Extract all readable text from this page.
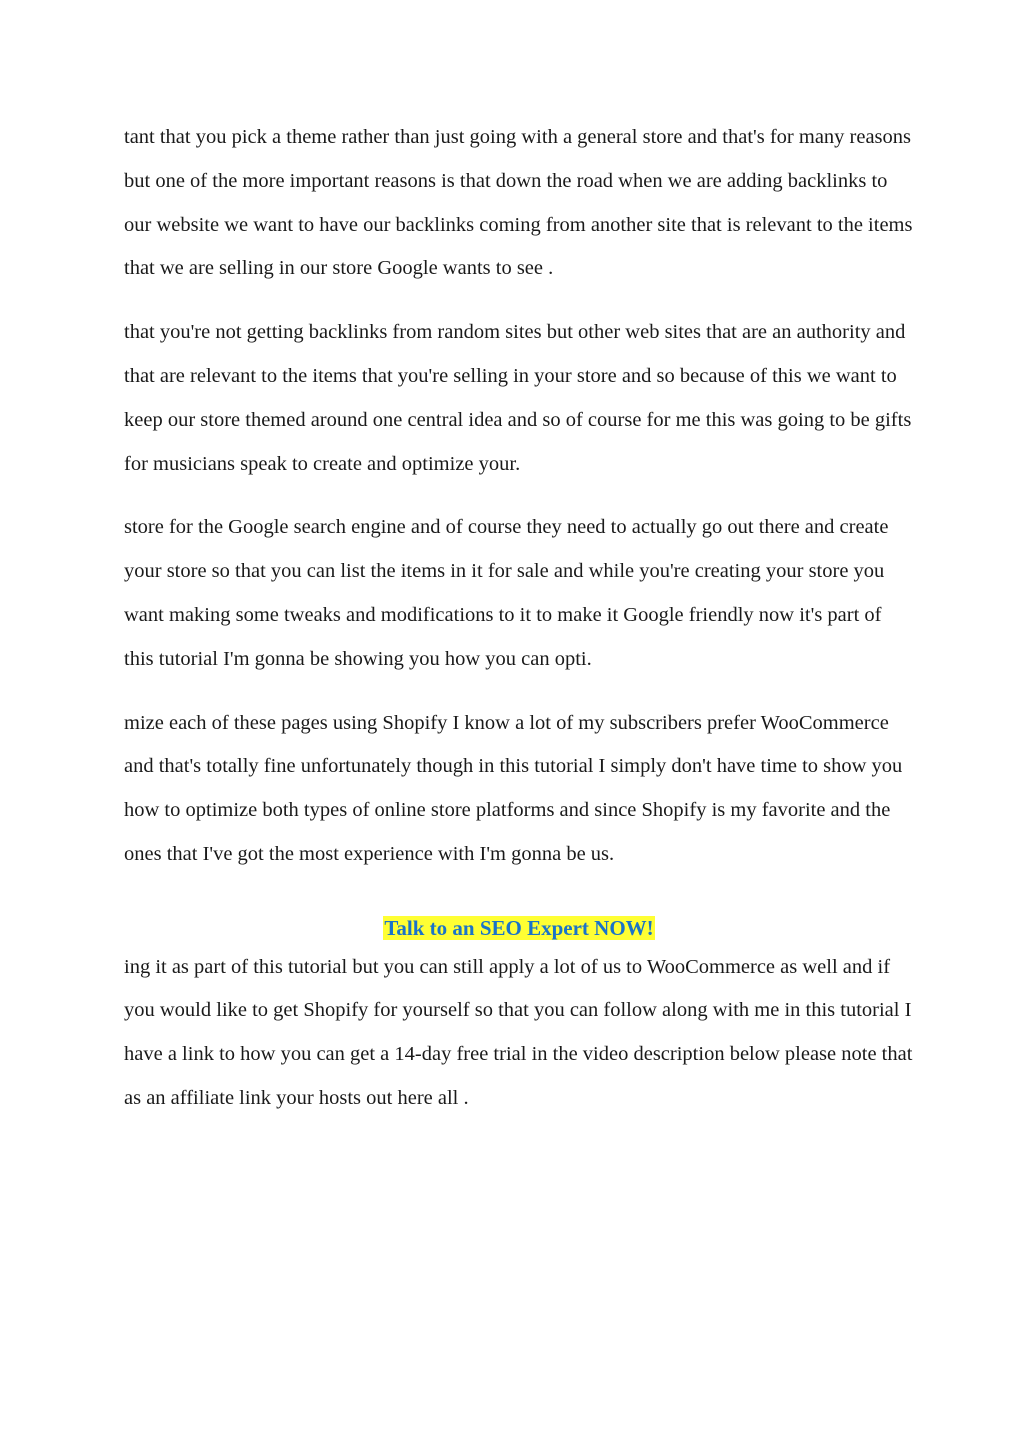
tant that you pick a theme rather than just going with a general store and that's for many reasons but one of the more important reasons is that down the road when we are adding backlinks to our website we want to have our backlinks coming from another site that is relevant to the items that we are selling in our store Google wants to see .

that you're not getting backlinks from random sites but other web sites that are an authority and that are relevant to the items that you're selling in your store and so because of this we want to keep our store themed around one central idea and so of course for me this was going to be gifts for musicians speak to create and optimize your.

store for the Google search engine and of course they need to actually go out there and create your store so that you can list the items in it for sale and while you're creating your store you want making some tweaks and modifications to it to make it Google friendly now it's part of this tutorial I'm gonna be showing you how you can opti.

mize each of these pages using Shopify I know a lot of my subscribers prefer WooCommerce and that's totally fine unfortunately though in this tutorial I simply don't have time to show you how to optimize both types of online store platforms and since Shopify is my favorite and the ones that I've got the most experience with I'm gonna be us.

Talk to an SEO Expert NOW!

ing it as part of this tutorial but you can still apply a lot of us to WooCommerce as well and if you would like to get Shopify for yourself so that you can follow along with me in this tutorial I have a link to how you can get a 14-day free trial in the video description below please note that as an affiliate link your hosts out here all .
